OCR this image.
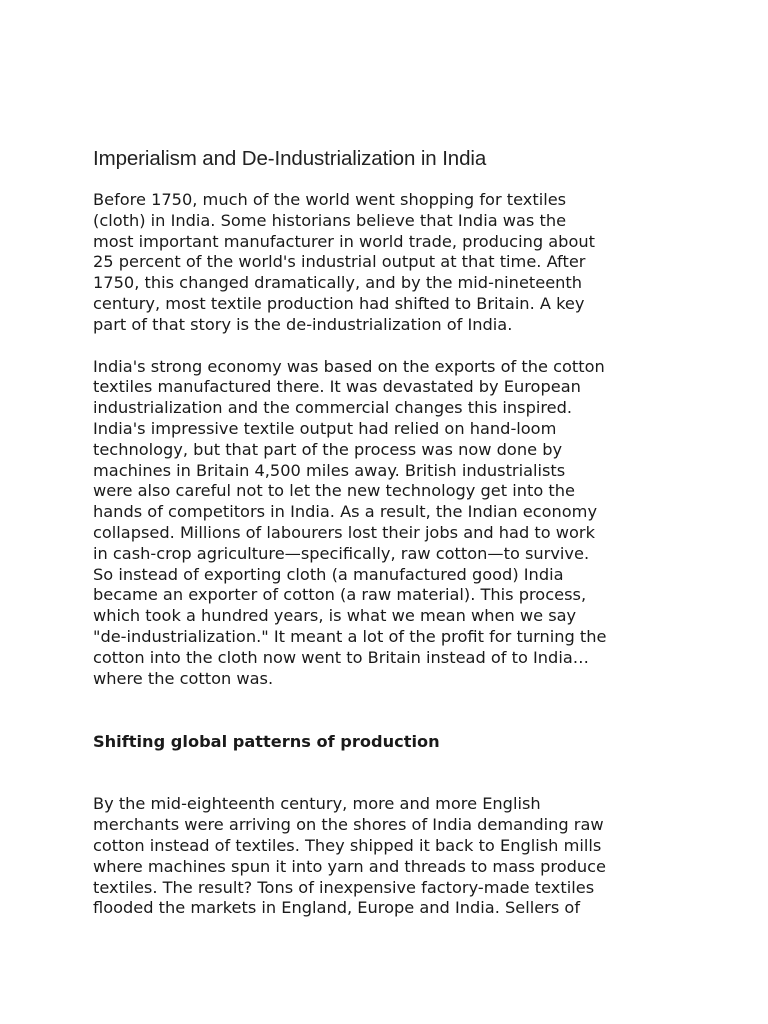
Imperialism and De-Industrialization in India

Before 1750, much of the world went shopping for textiles
(cloth) in India. Some historians believe that India was the
most important manufacturer in world trade, producing about
25 percent of the world's industrial output at that time. After
1750, this changed dramatically, and by the mid-nineteenth
century, most textile production had shifted to Britain. A key
part of that story is the de-industrialization of India.

India's strong economy was based on the exports of the cotton
textiles manufactured there. It was devastated by European
industrialization and the commercial changes this inspired.
India's impressive textile output had relied on hand-loom
technology, but that part of the process was now done by
machines in Britain 4,500 miles away. British industrialists
were also careful not to let the new technology get into the
hands of competitors in India. As a result, the Indian economy
collapsed. Millions of labourers lost their jobs and had to work
in cash-crop agriculture—specifically, raw cotton—to survive.
So instead of exporting cloth (a manufactured good) India
became an exporter of cotton (a raw material). This process,
which took a hundred years, is what we mean when we say
"de-industrialization." It meant a lot of the profit for turning the
cotton into the cloth now went to Britain instead of to India…
where the cotton was.

Shifting global patterns of production

By the mid-eighteenth century, more and more English
merchants were arriving on the shores of India demanding raw
cotton instead of textiles. They shipped it back to English mills
where machines spun it into yarn and threads to mass produce
textiles. The result? Tons of inexpensive factory-made textiles
flooded the markets in England, Europe and India. Sellers of
